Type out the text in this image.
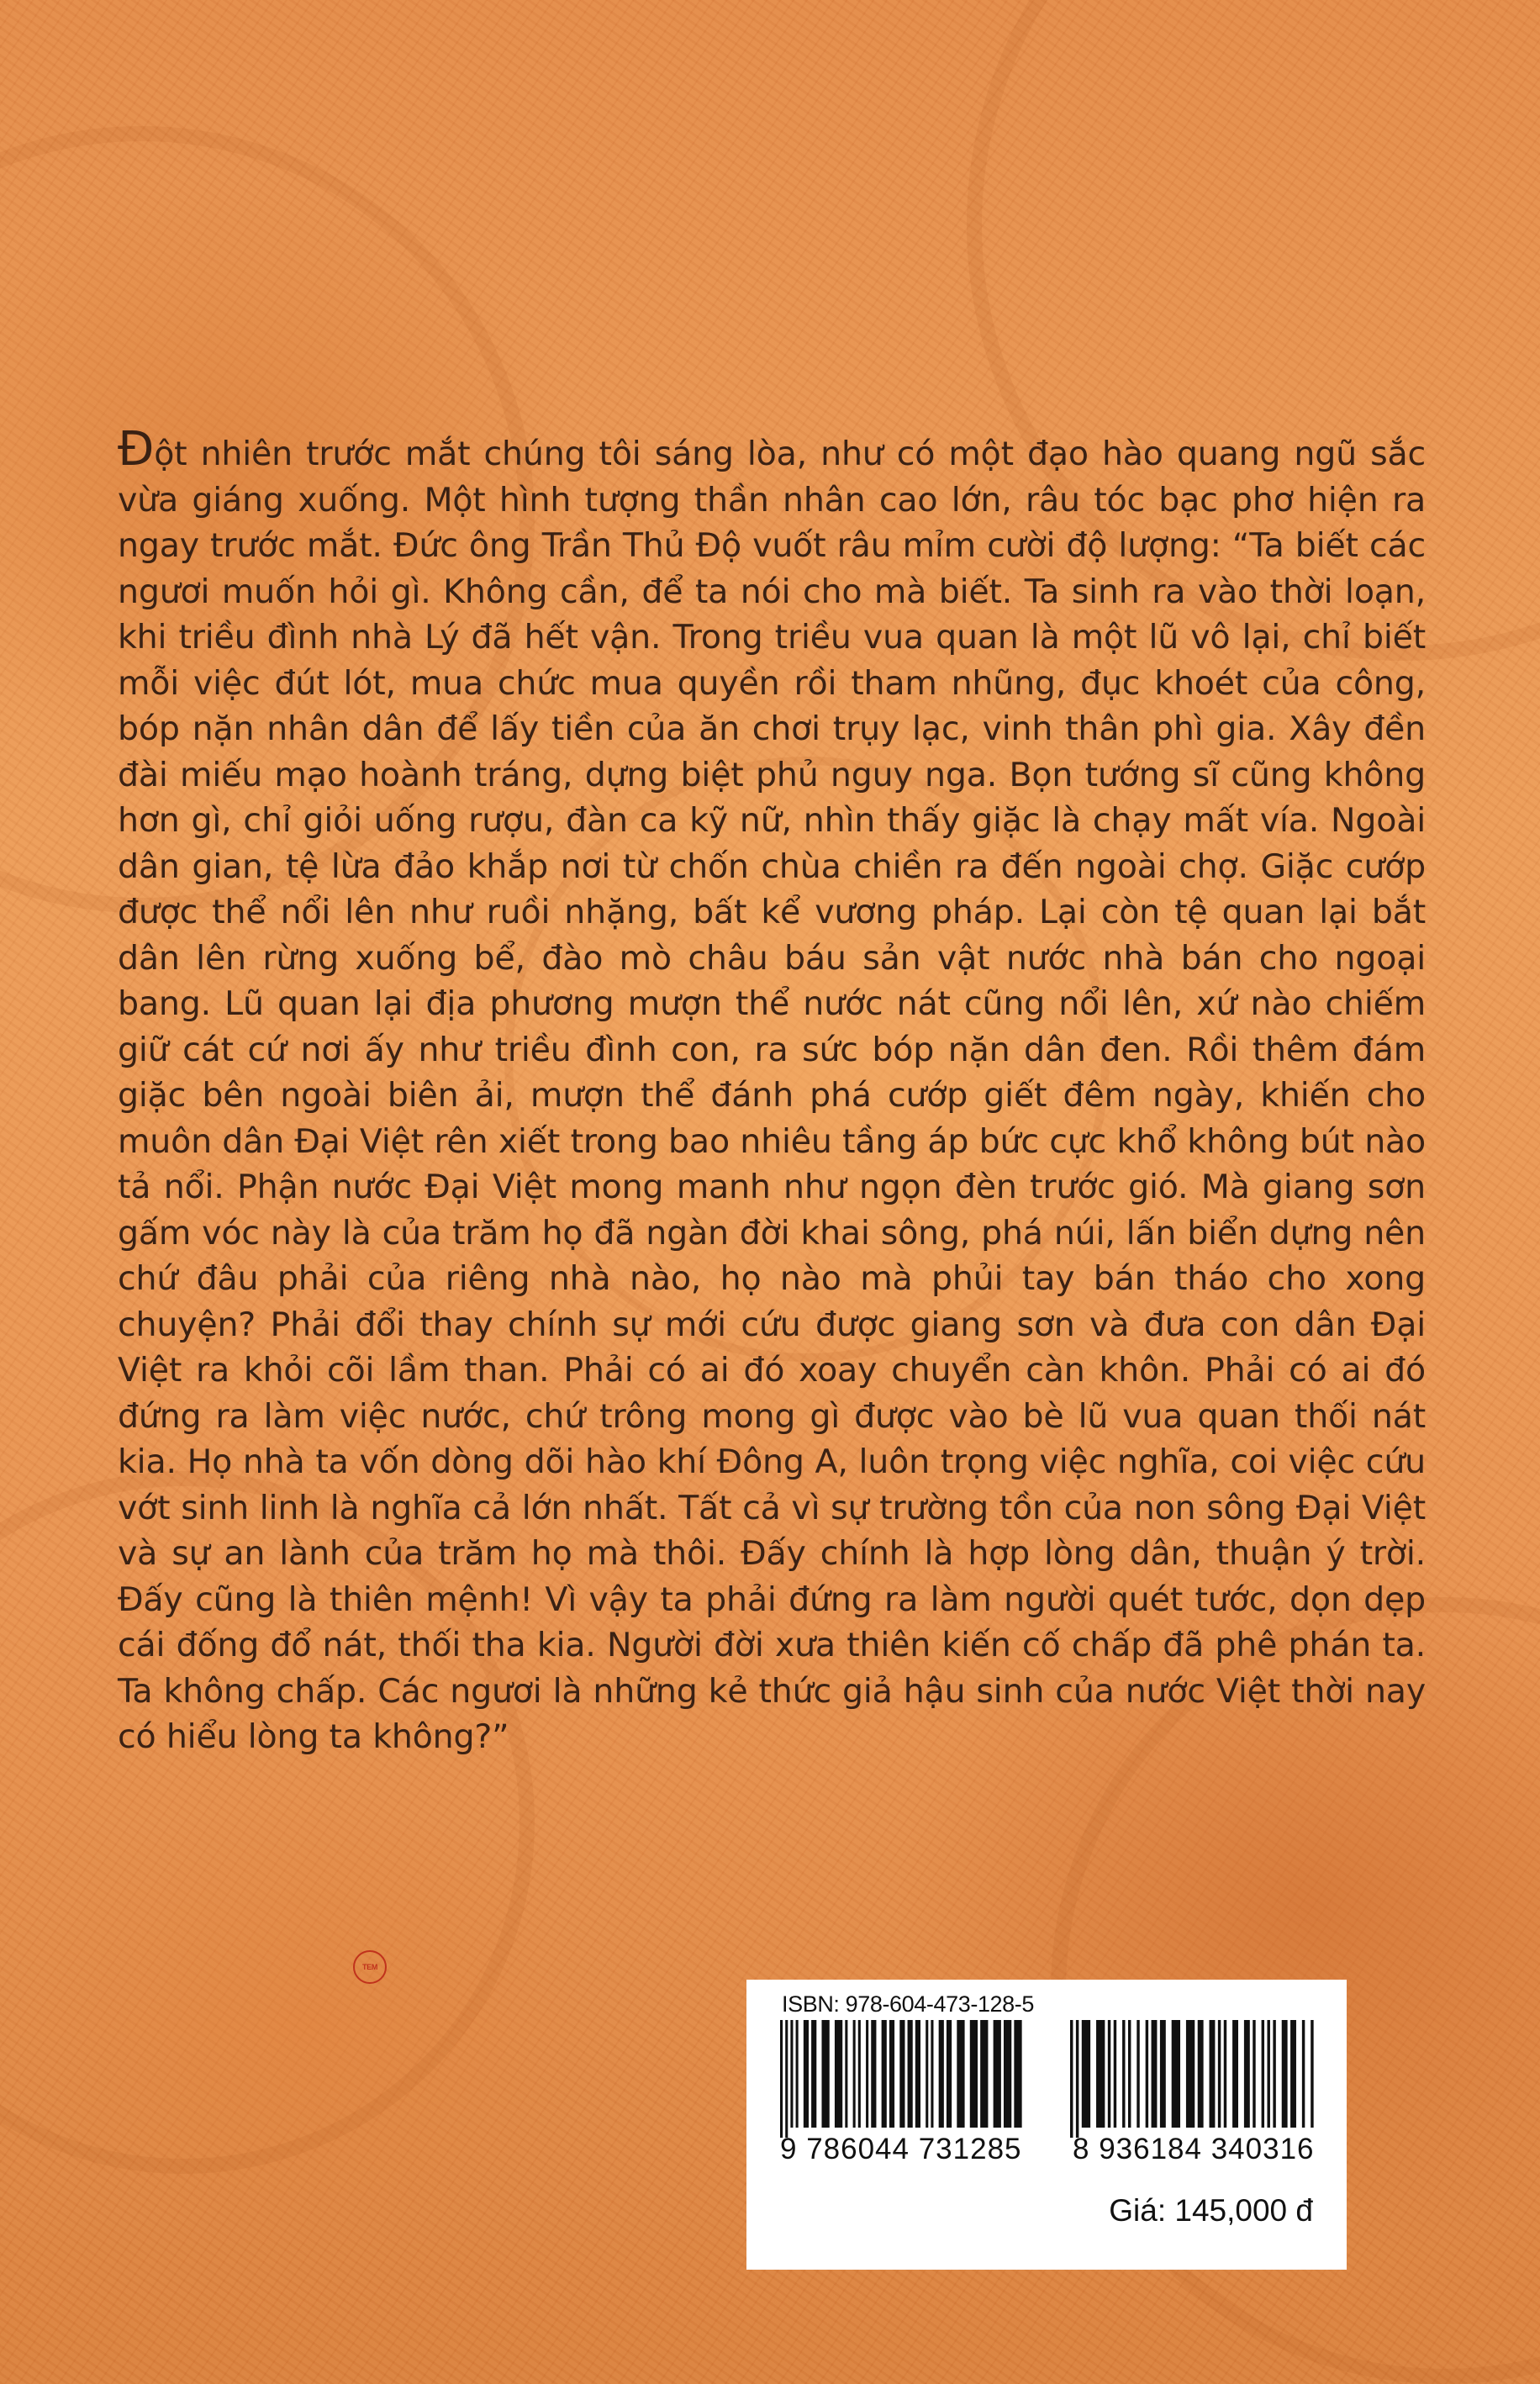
Đột nhiên trước mắt chúng tôi sáng lòa, như có một đạo hào quang ngũ sắc vừa giáng xuống. Một hình tượng thần nhân cao lớn, râu tóc bạc phơ hiện ra ngay trước mắt. Đức ông Trần Thủ Độ vuốt râu mỉm cười độ lượng: “Ta biết các ngươi muốn hỏi gì. Không cần, để ta nói cho mà biết. Ta sinh ra vào thời loạn, khi triều đình nhà Lý đã hết vận. Trong triều vua quan là một lũ vô lại, chỉ biết mỗi việc đút lót, mua chức mua quyền rồi tham nhũng, đục khoét của công, bóp nặn nhân dân để lấy tiền của ăn chơi trụy lạc, vinh thân phì gia. Xây đền đài miếu mạo hoành tráng, dựng biệt phủ nguy nga. Bọn tướng sĩ cũng không hơn gì, chỉ giỏi uống rượu, đàn ca kỹ nữ, nhìn thấy giặc là chạy mất vía. Ngoài dân gian, tệ lừa đảo khắp nơi từ chốn chùa chiền ra đến ngoài chợ. Giặc cướp được thể nổi lên như ruồi nhặng, bất kể vương pháp. Lại còn tệ quan lại bắt dân lên rừng xuống bể, đào mò châu báu sản vật nước nhà bán cho ngoại bang. Lũ quan lại địa phương mượn thể nước nát cũng nổi lên, xứ nào chiếm giữ cát cứ nơi ấy như triều đình con, ra sức bóp nặn dân đen. Rồi thêm đám giặc bên ngoài biên ải, mượn thể đánh phá cướp giết đêm ngày, khiến cho muôn dân Đại Việt rên xiết trong bao nhiêu tầng áp bức cực khổ không bút nào tả nổi. Phận nước Đại Việt mong manh như ngọn đèn trước gió. Mà giang sơn gấm vóc này là của trăm họ đã ngàn đời khai sông, phá núi, lấn biển dựng nên chứ đâu phải của riêng nhà nào, họ nào mà phủi tay bán tháo cho xong chuyện? Phải đổi thay chính sự mới cứu được giang sơn và đưa con dân Đại Việt ra khỏi cõi lầm than. Phải có ai đó xoay chuyển càn khôn. Phải có ai đó đứng ra làm việc nước, chứ trông mong gì được vào bè lũ vua quan thối nát kia. Họ nhà ta vốn dòng dõi hào khí Đông A, luôn trọng việc nghĩa, coi việc cứu vớt sinh linh là nghĩa cả lớn nhất. Tất cả vì sự trường tồn của non sông Đại Việt và sự an lành của trăm họ mà thôi. Đấy chính là hợp lòng dân, thuận ý trời. Đấy cũng là thiên mệnh! Vì vậy ta phải đứng ra làm người quét tước, dọn dẹp cái đống đổ nát, thối tha kia. Người đời xưa thiên kiến cố chấp đã phê phán ta. Ta không chấp. Các ngươi là những kẻ thức giả hậu sinh của nước Việt thời nay có hiểu lòng ta không?”

TEM
ISBN: 978-604-473-128-5
9 786044 731285 8 936184 340316
Giá: 145,000 đ
